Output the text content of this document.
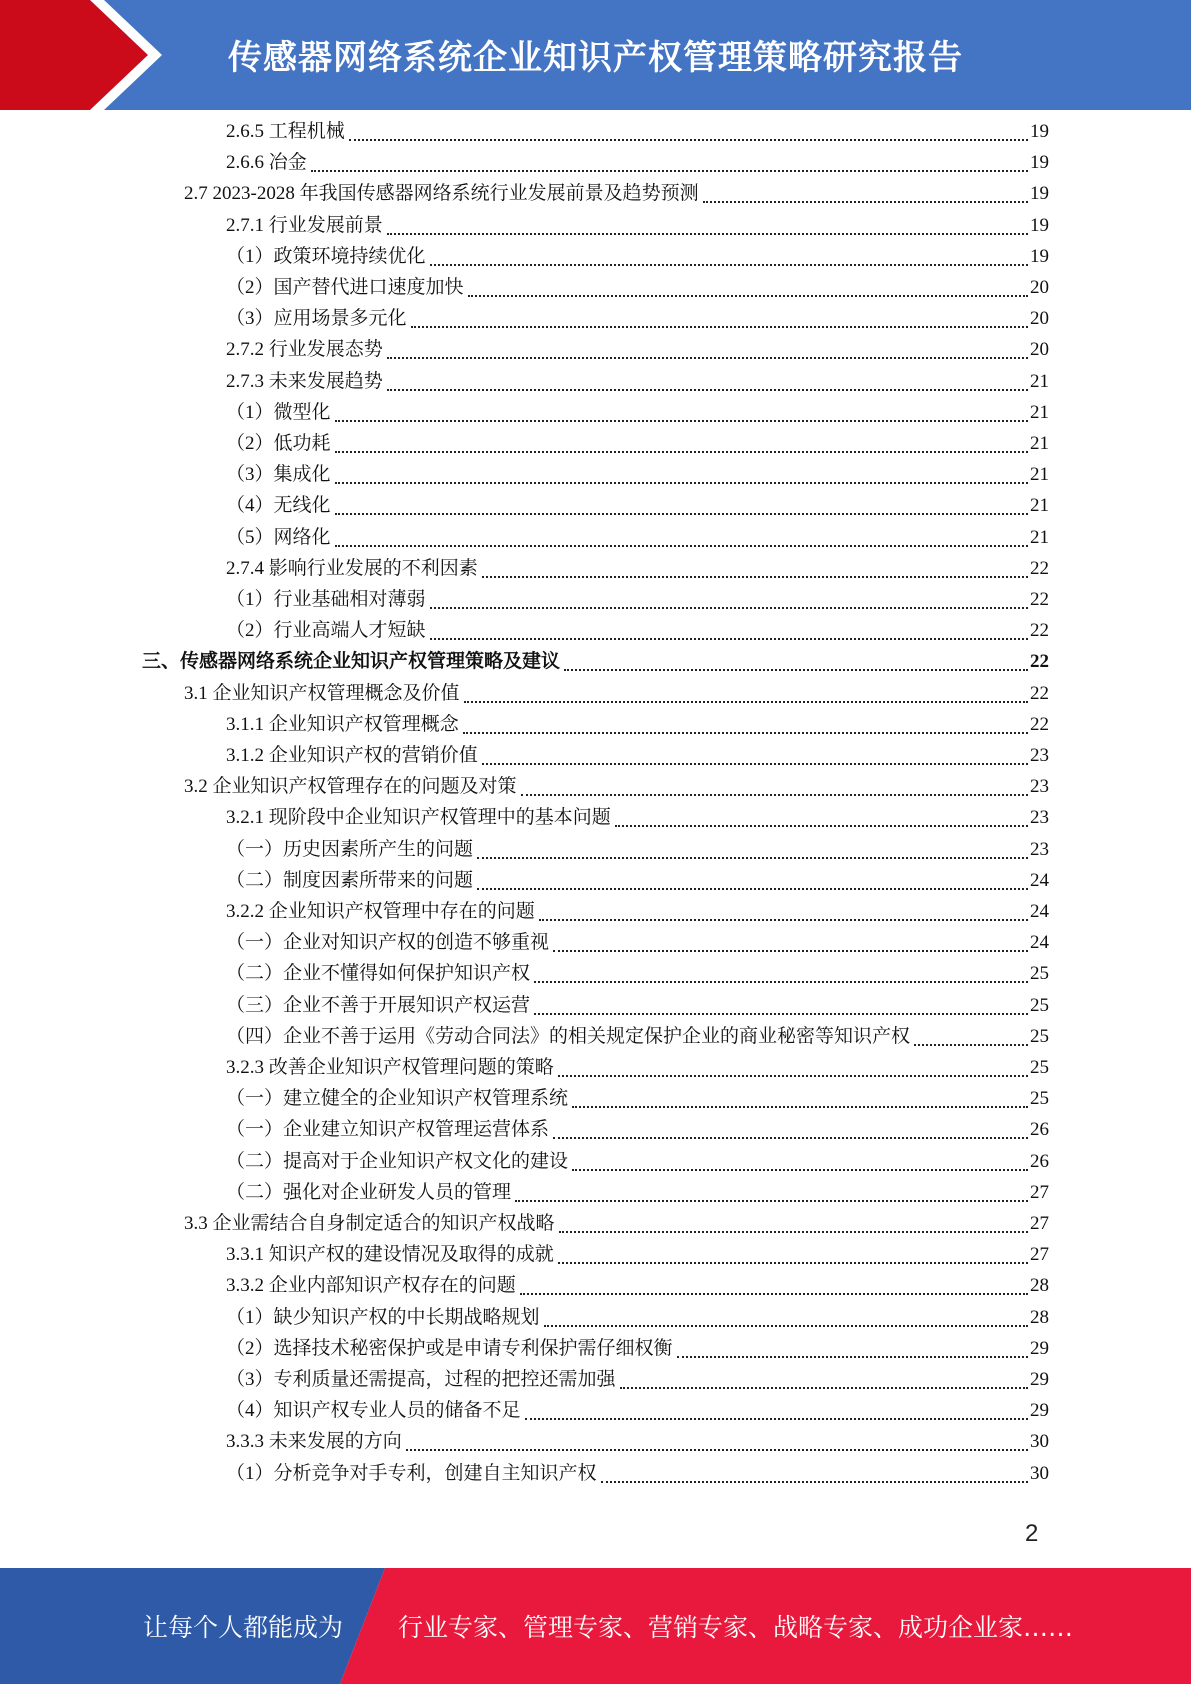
传感器网络系统企业知识产权管理策略研究报告
2.6.5 工程机械	19
2.6.6 冶金	19
2.7 2023-2028 年我国传感器网络系统行业发展前景及趋势预测	19
2.7.1 行业发展前景	19
（1）政策环境持续优化	19
（2）国产替代进口速度加快	20
（3）应用场景多元化	20
2.7.2 行业发展态势	20
2.7.3 未来发展趋势	21
（1）微型化	21
（2）低功耗	21
（3）集成化	21
（4）无线化	21
（5）网络化	21
2.7.4 影响行业发展的不利因素	22
（1）行业基础相对薄弱	22
（2）行业高端人才短缺	22
三、传感器网络系统企业知识产权管理策略及建议	22
3.1 企业知识产权管理概念及价值	22
3.1.1 企业知识产权管理概念	22
3.1.2 企业知识产权的营销价值	23
3.2 企业知识产权管理存在的问题及对策	23
3.2.1 现阶段中企业知识产权管理中的基本问题	23
（一）历史因素所产生的问题	23
（二）制度因素所带来的问题	24
3.2.2 企业知识产权管理中存在的问题	24
（一）企业对知识产权的创造不够重视	24
（二）企业不懂得如何保护知识产权	25
（三）企业不善于开展知识产权运营	25
（四）企业不善于运用《劳动合同法》的相关规定保护企业的商业秘密等知识产权	25
3.2.3 改善企业知识产权管理问题的策略	25
（一）建立健全的企业知识产权管理系统	25
（一）企业建立知识产权管理运营体系	26
（二）提高对于企业知识产权文化的建设	26
（二）强化对企业研发人员的管理	27
3.3 企业需结合自身制定适合的知识产权战略	27
3.3.1 知识产权的建设情况及取得的成就	27
3.3.2 企业内部知识产权存在的问题	28
（1）缺少知识产权的中长期战略规划	28
（2）选择技术秘密保护或是申请专利保护需仔细权衡	29
（3）专利质量还需提高，过程的把控还需加强	29
（4）知识产权专业人员的储备不足	29
3.3.3 未来发展的方向	30
（1）分析竞争对手专利，创建自主知识产权	30
2
让每个人都能成为 行业专家、管理专家、营销专家、战略专家、成功企业家……
